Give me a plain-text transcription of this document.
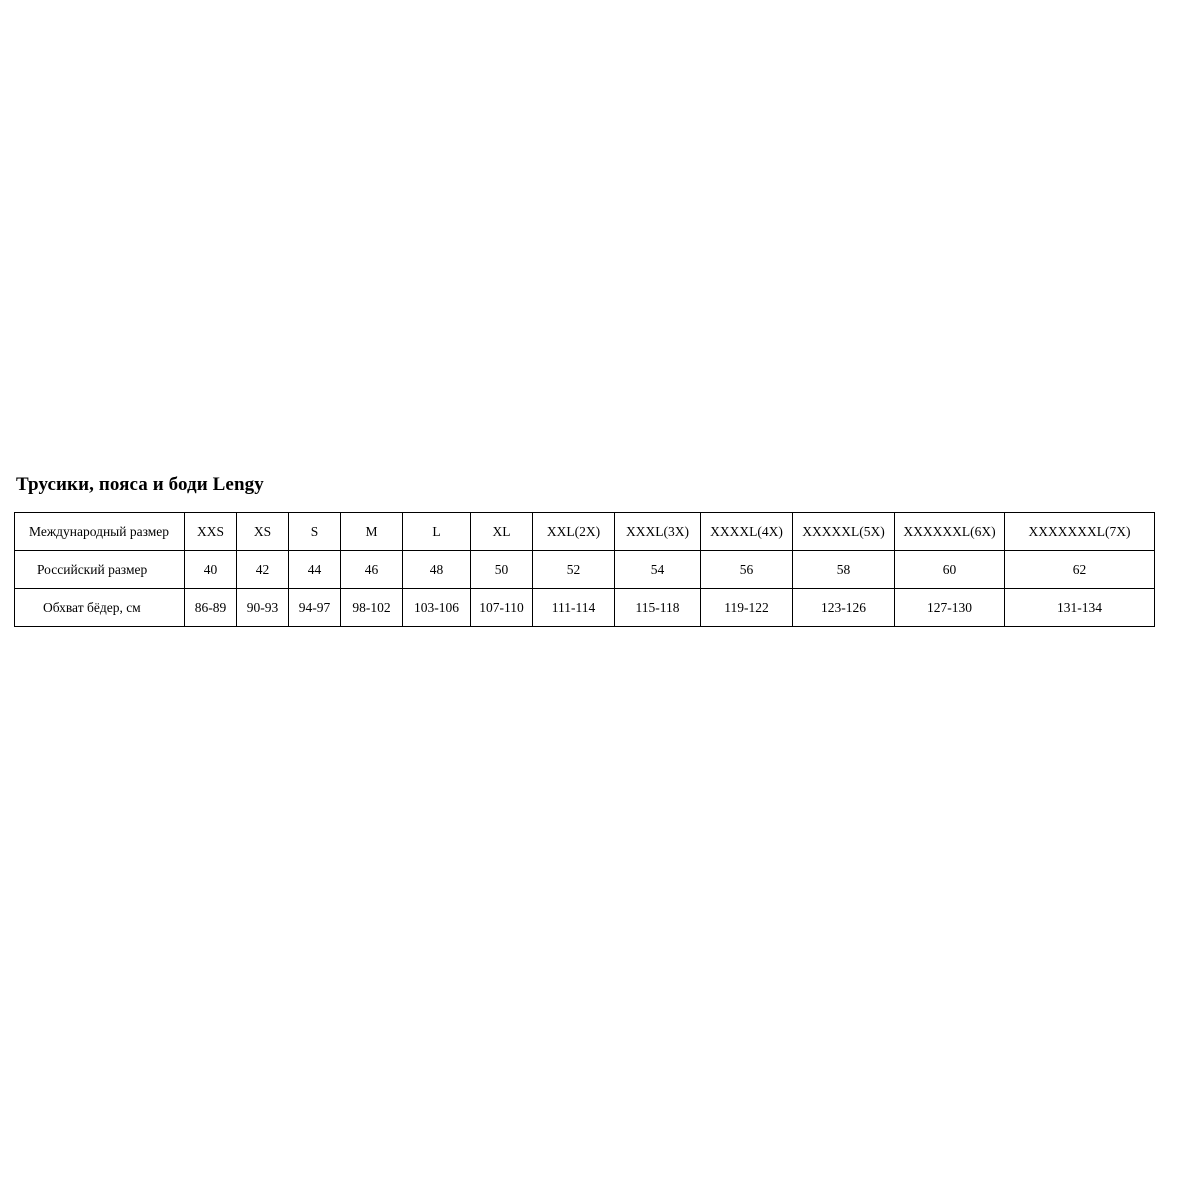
Трусики, пояса и боди Lengy
Международный размер	XXS	XS	S	M	L	XL	XXL(2X)	XXXL(3X)	XXXXL(4X)	XXXXXL(5X)	XXXXXXL(6X)	XXXXXXXL(7X)
Российский размер	40	42	44	46	48	50	52	54	56	58	60	62
Обхват бёдер, см	86-89	90-93	94-97	98-102	103-106	107-110	111-114	115-118	119-122	123-126	127-130	131-134
